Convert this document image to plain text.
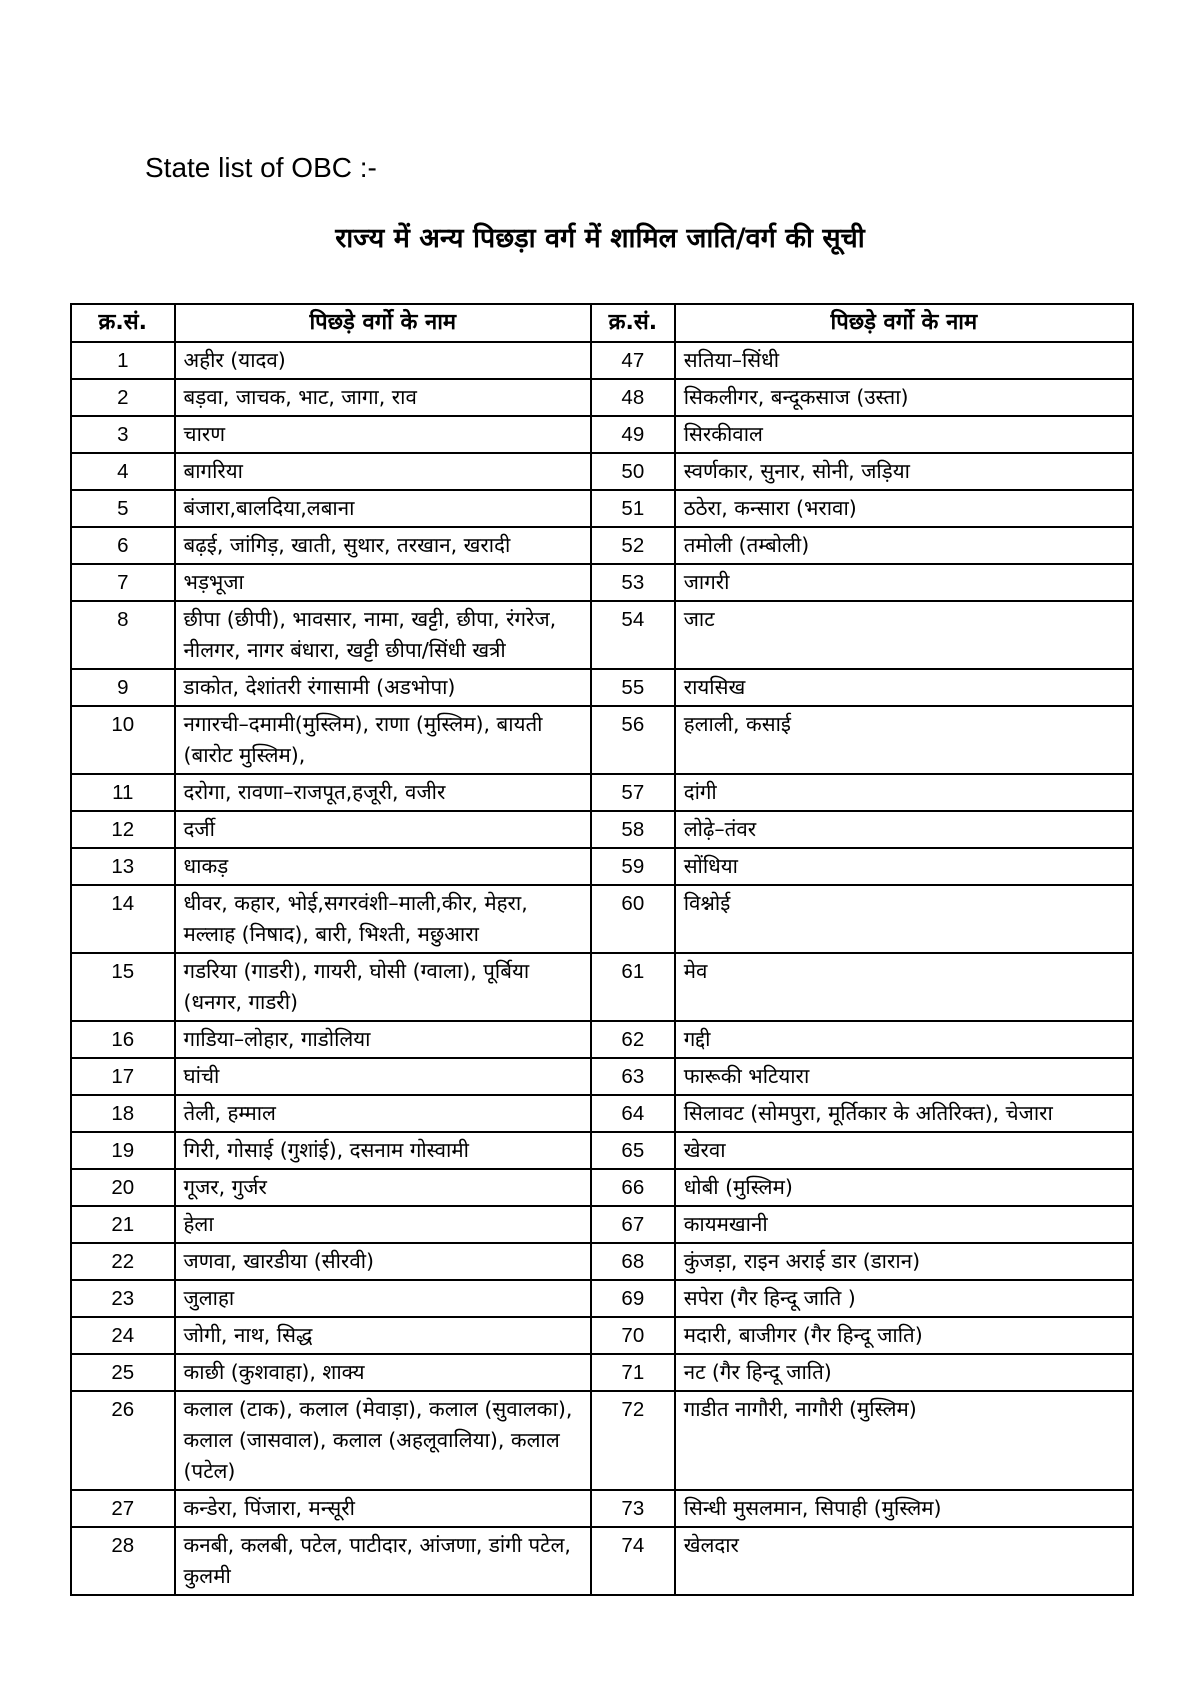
State list of OBC :-
राज्य में अन्य पिछड़ा वर्ग में शामिल जाति/वर्ग की सूची
क्र.सं.	पिछड़े वर्गो के नाम	क्र.सं.	पिछड़े वर्गो के नाम
1	अहीर (यादव)	47	सतिया–सिंधी
2	बड़वा, जाचक, भाट, जागा, राव	48	सिकलीगर, बन्दूकसाज (उस्ता)
3	चारण	49	सिरकीवाल
4	बागरिया	50	स्वर्णकार, सुनार, सोनी, जड़िया
5	बंजारा,बालदिया,लबाना	51	ठठेरा, कन्सारा (भरावा)
6	बढ़ई, जांगिड़, खाती, सुथार, तरखान, खरादी	52	तमोली (तम्बोली)
7	भड़भूजा	53	जागरी
8	छीपा (छीपी), भावसार, नामा, खट्टी, छीपा, रंगरेज, नीलगर, नागर बंधारा, खट्टी छीपा/सिंधी खत्री	54	जाट
9	डाकोत, देशांतरी रंगासामी (अडभोपा)	55	रायसिख
10	नगारची–दमामी(मुस्लिम), राणा (मुस्लिम), बायती (बारोट मुस्लिम),	56	हलाली, कसाई
11	दरोगा, रावणा–राजपूत,हजूरी, वजीर	57	दांगी
12	दर्जी	58	लोढ़े–तंवर
13	धाकड़	59	सोंधिया
14	धीवर, कहार, भोई,सगरवंशी–माली,कीर, मेहरा, मल्लाह (निषाद), बारी, भिश्ती, मछुआरा	60	विश्नोई
15	गडरिया (गाडरी), गायरी, घोसी (ग्वाला), पूर्बिया (धनगर, गाडरी)	61	मेव
16	गाडिया–लोहार, गाडोलिया	62	गद्दी
17	घांची	63	फारूकी भटियारा
18	तेली, हम्माल	64	सिलावट (सोमपुरा, मूर्तिकार के अतिरिक्त), चेजारा
19	गिरी, गोसाई (गुशांई), दसनाम गोस्वामी	65	खेरवा
20	गूजर, गुर्जर	66	धोबी (मुस्लिम)
21	हेला	67	कायमखानी
22	जणवा, खारडीया (सीरवी)	68	कुंजड़ा, राइन अराई डार (डारान)
23	जुलाहा	69	सपेरा (गैर हिन्दू जाति )
24	जोगी, नाथ, सिद्ध	70	मदारी, बाजीगर (गैर हिन्दू जाति)
25	काछी (कुशवाहा), शाक्य	71	नट (गैर हिन्दू जाति)
26	कलाल (टाक), कलाल (मेवाड़ा), कलाल (सुवालका), कलाल (जासवाल), कलाल (अहलूवालिया), कलाल (पटेल)	72	गाडीत नागौरी, नागौरी (मुस्लिम)
27	कन्डेरा, पिंजारा, मन्सूरी	73	सिन्धी मुसलमान, सिपाही (मुस्लिम)
28	कनबी, कलबी, पटेल, पाटीदार, आंजणा, डांगी पटेल, कुलमी	74	खेलदार
